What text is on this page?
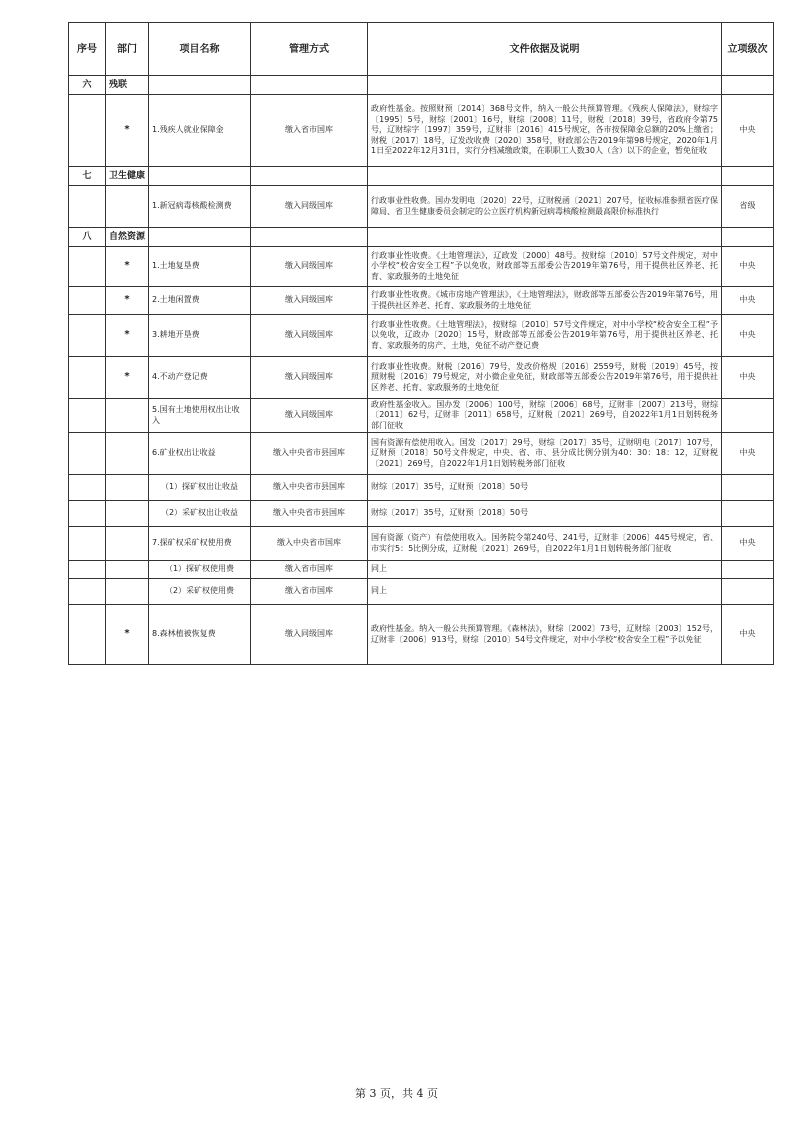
序号	部门	项目名称	管理方式	文件依据及说明	立项级次
六	残联				
	*	1.残疾人就业保障金	缴入省市国库	政府性基金。按照财预〔2014〕368号文件，纳入一般公共预算管理。《残疾人保障法》，财综字〔1995〕5号，财综〔2001〕16号，财综〔2008〕11号，财税〔2018〕39号，省政府令第75号，辽财综字〔1997〕359号，辽财非〔2016〕415号规定，各市按保障金总额的20%上缴省；财税〔2017〕18号，辽发改收费〔2020〕358号，财政部公告2019年第98号规定，2020年1月1日至2022年12月31日，实行分档减缴政策，在职职工人数30人（含）以下的企业，暂免征收	中央
七	卫生健康				
		1.新冠病毒核酸检测费	缴入同级国库	行政事业性收费。国办发明电〔2020〕22号，辽财税函〔2021〕207号，征收标准参照省医疗保障局、省卫生健康委员会制定的公立医疗机构新冠病毒核酸检测最高限价标准执行	省级
八	自然资源				
	*	1.土地复垦费	缴入同级国库	行政事业性收费。《土地管理法》，辽政发〔2000〕48号。按财综〔2010〕57号文件规定，对中小学校“校舍安全工程”予以免收，财政部等五部委公告2019年第76号，用于提供社区养老、托育、家政服务的土地免征	中央
	*	2.土地闲置费	缴入同级国库	行政事业性收费。《城市房地产管理法》，《土地管理法》，财政部等五部委公告2019年第76号，用于提供社区养老、托育、家政服务的土地免征	中央
	*	3.耕地开垦费	缴入同级国库	行政事业性收费。《土地管理法》，按财综〔2010〕57号文件规定，对中小学校“校舍安全工程”予以免收，辽政办〔2020〕15号，财政部等五部委公告2019年第76号，用于提供社区养老、托育、家政服务的房产、土地，免征不动产登记费	中央
	*	4.不动产登记费	缴入同级国库	行政事业性收费。财税〔2016〕79号，发改价格规〔2016〕2559号，财税〔2019〕45号，按照财税〔2016〕79号规定，对小微企业免征，财政部等五部委公告2019年第76号，用于提供社区养老、托育、家政服务的土地免征	中央
		5.国有土地使用权出让收入	缴入同级国库	政府性基金收入。国办发〔2006〕100号，财综〔2006〕68号，辽财非〔2007〕213号，财综〔2011〕62号，辽财非〔2011〕658号，辽财税〔2021〕269号，自2022年1月1日划转税务部门征收	
		6.矿业权出让收益	缴入中央省市县国库	国有资源有偿使用收入。国发〔2017〕29号，财综〔2017〕35号，辽财明电〔2017〕107号，辽财预〔2018〕50号文件规定，中央、省、市、县分成比例分别为40：30：18：12，辽财税〔2021〕269号，自2022年1月1日划转税务部门征收	中央
		（1）探矿权出让收益	缴入中央省市县国库	财综〔2017〕35号，辽财预〔2018〕50号	
		（2）采矿权出让收益	缴入中央省市县国库	财综〔2017〕35号，辽财预〔2018〕50号	
		7.探矿权采矿权使用费	缴入中央省市国库	国有资源（资产）有偿使用收入。国务院令第240号、241号，辽财非〔2006〕445号规定，省、市实行5：5比例分成，辽财税〔2021〕269号，自2022年1月1日划转税务部门征收	中央
		（1）探矿权使用费	缴入省市国库	同上	
		（2）采矿权使用费	缴入省市国库	同上	
	*	8.森林植被恢复费	缴入同级国库	政府性基金。纳入一般公共预算管理。《森林法》，财综〔2002〕73号，辽财综〔2003〕152号，辽财非〔2006〕913号，财综〔2010〕54号文件规定，对中小学校“校舍安全工程”予以免征	中央
第 3 页，共 4 页
